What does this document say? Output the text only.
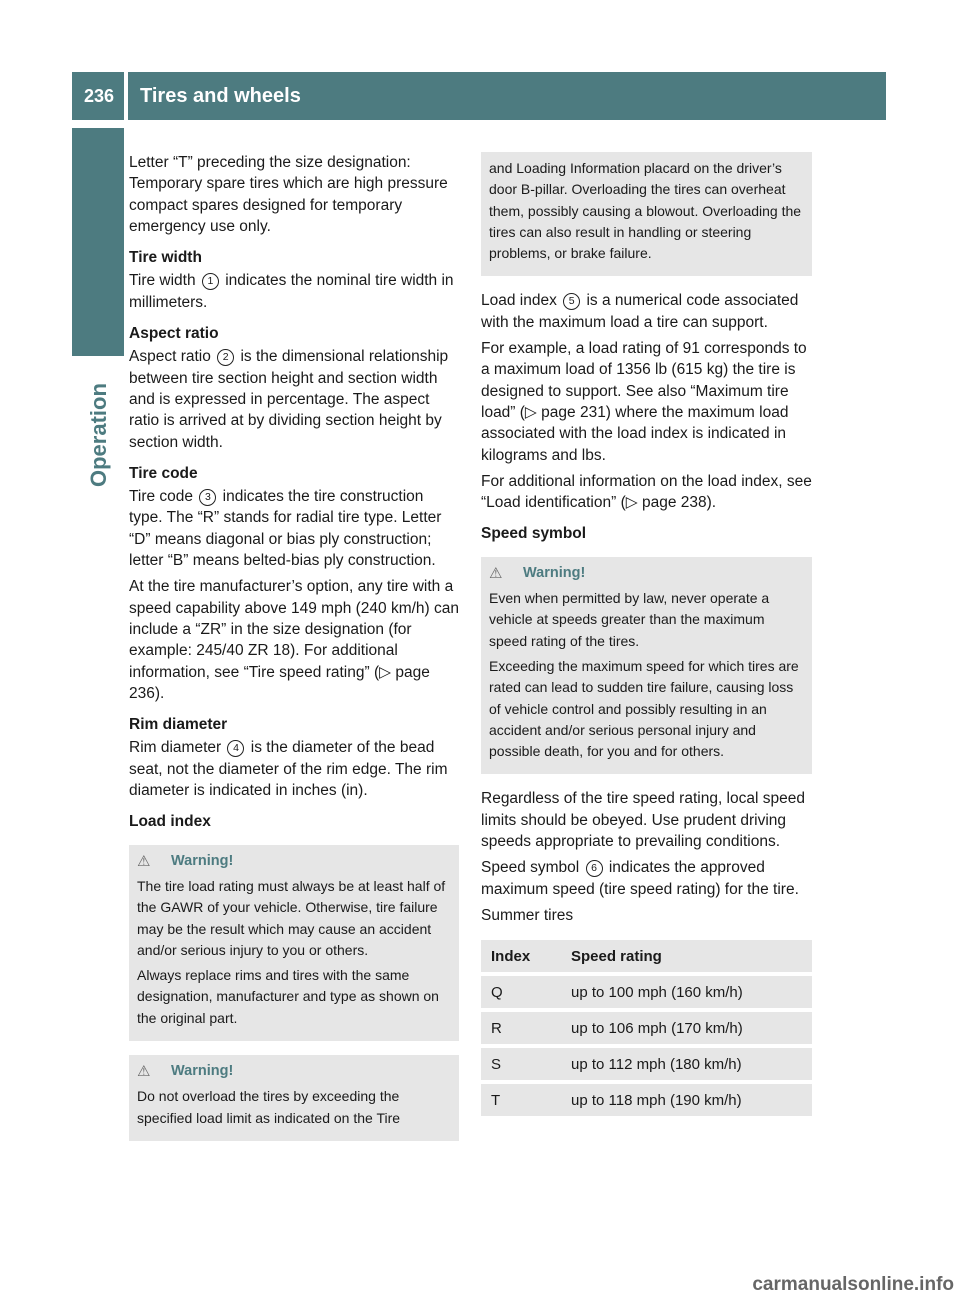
236	Tires and wheels
Operation

Letter “T” preceding the size designation: Temporary spare tires which are high pressure compact spares designed for temporary emergency use only.

Tire width

Tire width 1 indicates the nominal tire width in millimeters.

Aspect ratio

Aspect ratio 2 is the dimensional relationship between tire section height and section width and is expressed in percentage. The aspect ratio is arrived at by dividing section height by section width.

Tire code

Tire code 3 indicates the tire construction type. The “R” stands for radial tire type. Letter “D” means diagonal or bias ply construction; letter “B” means belted-bias ply construction.

At the tire manufacturer’s option, any tire with a speed capability above 149 mph (240 km/h) can include a “ZR” in the size designation (for example: 245/40 ZR 18). For additional information, see “Tire speed rating” (▷ page 236).

Rim diameter

Rim diameter 4 is the diameter of the bead seat, not the diameter of the rim edge. The rim diameter is indicated in inches (in).

Load index
⚠	Warning!

The tire load rating must always be at least half of the GAWR of your vehicle. Otherwise, tire failure may be the result which may cause an accident and/or serious injury to you or others.

Always replace rims and tires with the same designation, manufacturer and type as shown on the original part.

⚠	Warning!

Do not overload the tires by exceeding the specified load limit as indicated on the Tire

and Loading Information placard on the driver’s door B-pillar. Overloading the tires can overheat them, possibly causing a blowout. Overloading the tires can also result in handling or steering problems, or brake failure.

Load index 5 is a numerical code associated with the maximum load a tire can support.

For example, a load rating of 91 corresponds to a maximum load of 1356 lb (615 kg) the tire is designed to support. See also “Maximum tire load” (▷ page 231) where the maximum load associated with the load index is indicated in kilograms and lbs.

For additional information on the load index, see “Load identification” (▷ page 238).

Speed symbol
⚠	Warning!

Even when permitted by law, never operate a vehicle at speeds greater than the maximum speed rating of the tires.

Exceeding the maximum speed for which tires are rated can lead to sudden tire failure, causing loss of vehicle control and possibly resulting in an accident and/or serious personal injury and possible death, for you and for others.

Regardless of the tire speed rating, local speed limits should be obeyed. Use prudent driving speeds appropriate to prevailing conditions.

Speed symbol 6 indicates the approved maximum speed (tire speed rating) for the tire.

Summer tires

Index	Speed rating
Q	up to 100 mph (160 km/h)
R	up to 106 mph (170 km/h)
S	up to 112 mph (180 km/h)
T	up to 118 mph (190 km/h)
carmanualsonline.info
